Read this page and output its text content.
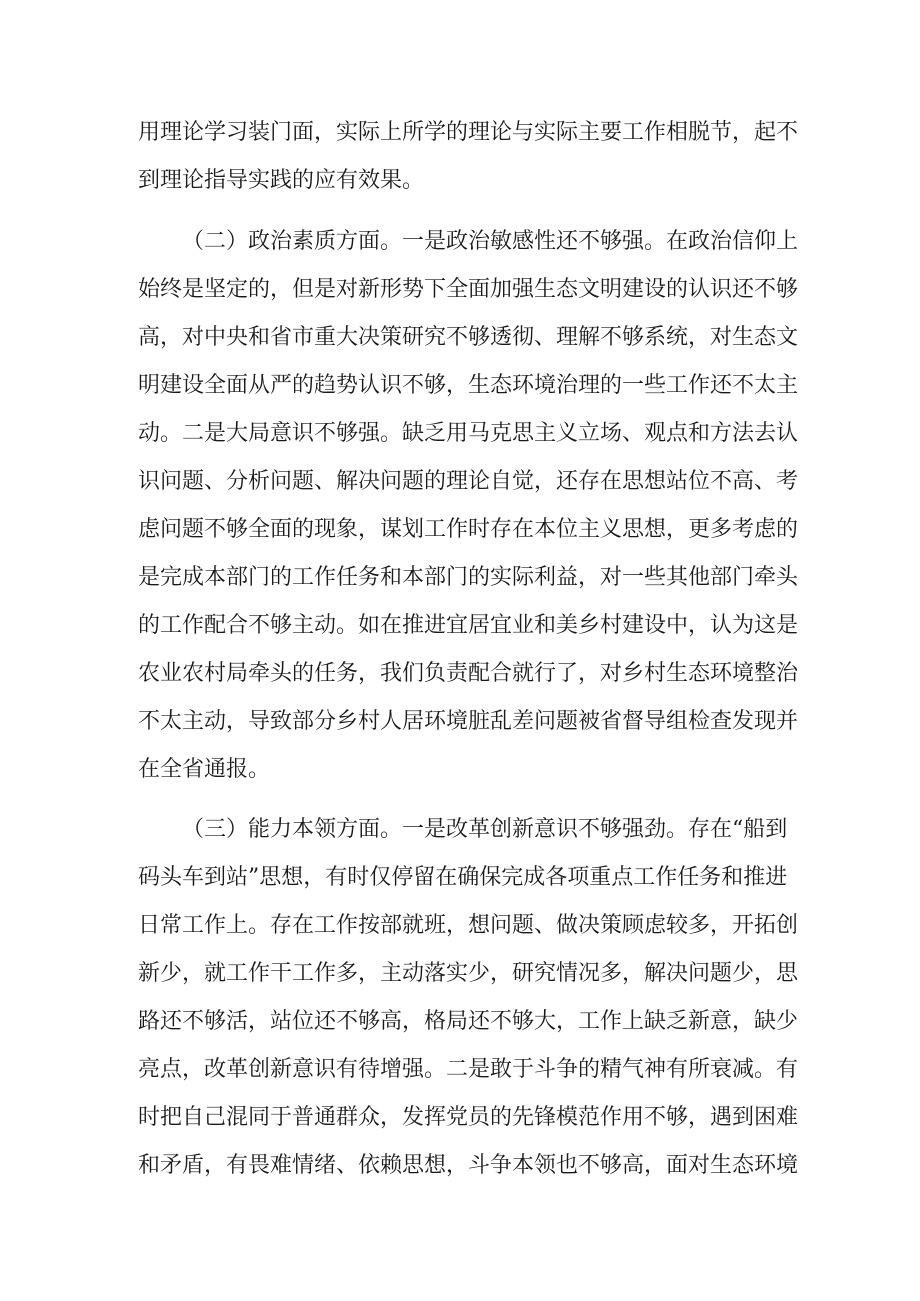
用理论学习装门面，实际上所学的理论与实际主要工作相脱节，起不
到理论指导实践的应有效果。
（二）政治素质方面。一是政治敏感性还不够强。在政治信仰上
始终是坚定的，但是对新形势下全面加强生态文明建设的认识还不够
高，对中央和省市重大决策研究不够透彻、理解不够系统，对生态文
明建设全面从严的趋势认识不够，生态环境治理的一些工作还不太主
动。二是大局意识不够强。缺乏用马克思主义立场、观点和方法去认
识问题、分析问题、解决问题的理论自觉，还存在思想站位不高、考
虑问题不够全面的现象，谋划工作时存在本位主义思想，更多考虑的
是完成本部门的工作任务和本部门的实际利益，对一些其他部门牵头
的工作配合不够主动。如在推进宜居宜业和美乡村建设中，认为这是
农业农村局牵头的任务，我们负责配合就行了，对乡村生态环境整治
不太主动，导致部分乡村人居环境脏乱差问题被省督导组检查发现并
在全省通报。
（三）能力本领方面。一是改革创新意识不够强劲。存在“船到
码头车到站”思想，有时仅停留在确保完成各项重点工作任务和推进
日常工作上。存在工作按部就班，想问题、做决策顾虑较多，开拓创
新少，就工作干工作多，主动落实少，研究情况多，解决问题少，思
路还不够活，站位还不够高，格局还不够大，工作上缺乏新意，缺少
亮点，改革创新意识有待增强。二是敢于斗争的精气神有所衰减。有
时把自己混同于普通群众，发挥党员的先锋模范作用不够，遇到困难
和矛盾，有畏难情绪、依赖思想，斗争本领也不够高，面对生态环境
